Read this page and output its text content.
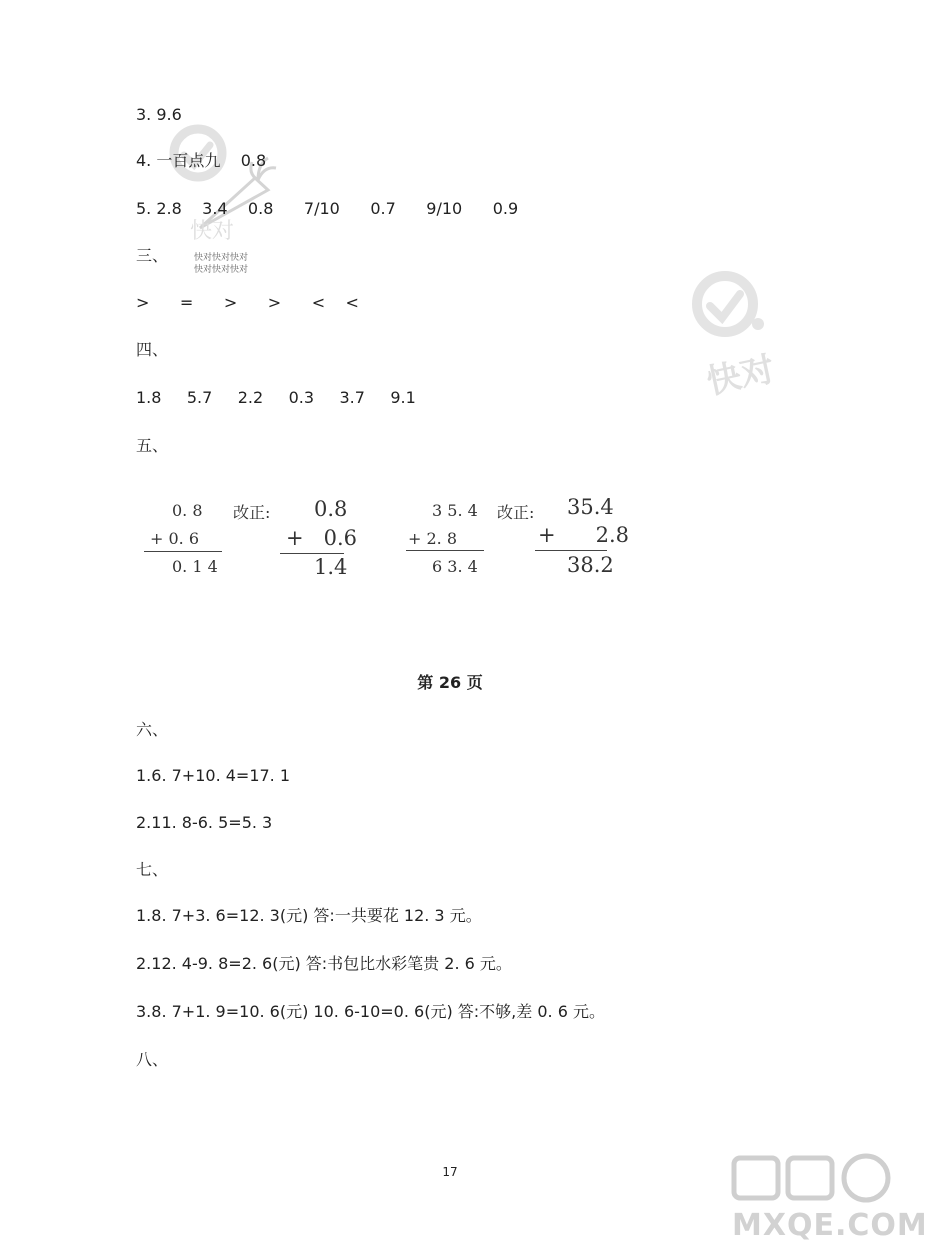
快对
快对快对快对
快对快对快对
快对
MXQE.COM
3. 9.6
4. 一百点九    0.8
5. 2.8    3.4    0.8      7/10      0.7      9/10      0.9
三、
>      =      >      >      <    <
四、
1.8     5.7     2.2     0.3     3.7     9.1
五、
0. 8 改正:
+ 0. 6
0. 1 4
0.8
+   0.6
1.4
3 5. 4 改正:
+ 2. 8
6 3. 4
35.4
+      2.8
38.2
第 26 页
六、
1.6. 7+10. 4=17. 1
2.11. 8-6. 5=5. 3
七、
1.8. 7+3. 6=12. 3(元) 答:一共要花 12. 3 元。
2.12. 4-9. 8=2. 6(元) 答:书包比水彩笔贵 2. 6 元。
3.8. 7+1. 9=10. 6(元) 10. 6-10=0. 6(元) 答:不够,差 0. 6 元。
八、
17
